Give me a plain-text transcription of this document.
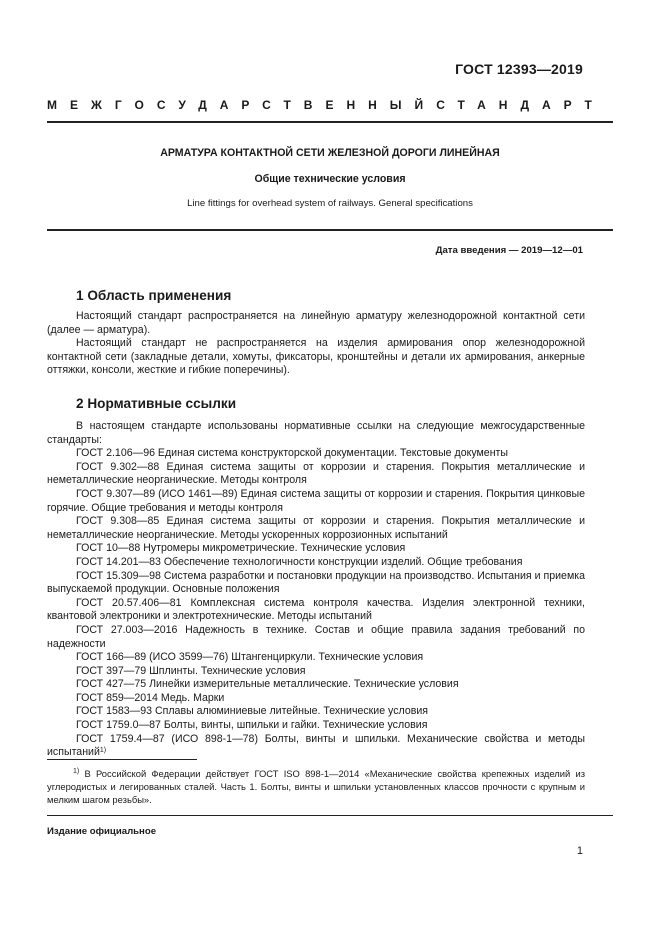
ГОСТ 12393—2019
МЕЖГОСУДАРСТВЕННЫЙ СТАНДАРТ
АРМАТУРА КОНТАКТНОЙ СЕТИ ЖЕЛЕЗНОЙ ДОРОГИ ЛИНЕЙНАЯ
Общие технические условия
Line fittings for overhead system of railways. General specifications
Дата введения — 2019—12—01
1 Область применения

Настоящий стандарт распространяется на линейную арматуру железнодорожной контактной сети (далее — арматура).

Настоящий стандарт не распространяется на изделия армирования опор железнодорожной контактной сети (закладные детали, хомуты, фиксаторы, кронштейны и детали их армирования, анкерные оттяжки, консоли, жесткие и гибкие поперечины).

2 Нормативные ссылки

В настоящем стандарте использованы нормативные ссылки на следующие межгосударственные стандарты:

ГОСТ 2.106—96 Единая система конструкторской документации. Текстовые документы

ГОСТ 9.302—88 Единая система защиты от коррозии и старения. Покрытия металлические и неметаллические неорганические. Методы контроля

ГОСТ 9.307—89 (ИСО 1461—89) Единая система защиты от коррозии и старения. Покрытия цинковые горячие. Общие требования и методы контроля

ГОСТ 9.308—85 Единая система защиты от коррозии и старения. Покрытия металлические и неметаллические неорганические. Методы ускоренных коррозионных испытаний

ГОСТ 10—88 Нутромеры микрометрические. Технические условия

ГОСТ 14.201—83 Обеспечение технологичности конструкции изделий. Общие требования

ГОСТ 15.309—98 Система разработки и постановки продукции на производство. Испытания и приемка выпускаемой продукции. Основные положения

ГОСТ 20.57.406—81 Комплексная система контроля качества. Изделия электронной техники, квантовой электроники и электротехнические. Методы испытаний

ГОСТ 27.003—2016 Надежность в технике. Состав и общие правила задания требований по надежности

ГОСТ 166—89 (ИСО 3599—76) Штангенциркули. Технические условия

ГОСТ 397—79 Шплинты. Технические условия

ГОСТ 427—75 Линейки измерительные металлические. Технические условия

ГОСТ 859—2014 Медь. Марки

ГОСТ 1583—93 Сплавы алюминиевые литейные. Технические условия

ГОСТ 1759.0—87 Болты, винты, шпильки и гайки. Технические условия

ГОСТ 1759.4—87 (ИСО 898-1—78) Болты, винты и шпильки. Механические свойства и методы испытаний$^{1)}$

$^{1)}$ В Российской Федерации действует ГОСТ ISO 898-1—2014 «Механические свойства крепежных изделий из углеродистых и легированных сталей. Часть 1. Болты, винты и шпильки установленных классов прочности с крупным и мелким шагом резьбы».

Издание официальное
1
